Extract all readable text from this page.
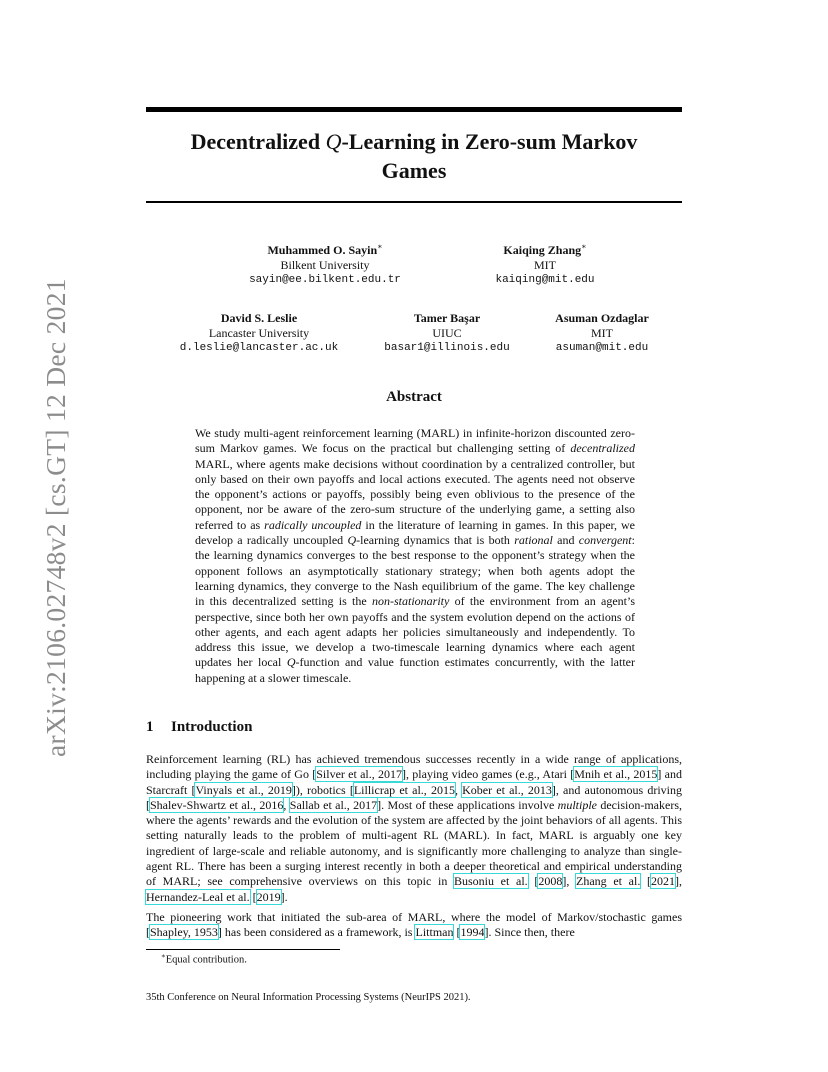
arXiv:2106.02748v2 [cs.GT] 12 Dec 2021
Decentralized Q-Learning in Zero-sum Markov
Games
Muhammed O. Sayin∗
Bilkent University
sayin@ee.bilkent.edu.tr
Kaiqing Zhang∗
MIT
kaiqing@mit.edu
David S. Leslie
Lancaster University
d.leslie@lancaster.ac.uk
Tamer Başar
UIUC
basar1@illinois.edu
Asuman Ozdaglar
MIT
asuman@mit.edu
Abstract
We study multi-agent reinforcement learning (MARL) in infinite-horizon discounted zero-sum Markov games. We focus on the practical but challenging setting of decentralized MARL, where agents make decisions without coordination by a centralized controller, but only based on their own payoffs and local actions executed. The agents need not observe the opponent’s actions or payoffs, possibly being even oblivious to the presence of the opponent, nor be aware of the zero-sum structure of the underlying game, a setting also referred to as radically uncoupled in the literature of learning in games. In this paper, we develop a radically uncoupled Q-learning dynamics that is both rational and convergent: the learning dynamics converges to the best response to the opponent’s strategy when the opponent follows an asymptotically stationary strategy; when both agents adopt the learning dynamics, they converge to the Nash equilibrium of the game. The key challenge in this decentralized setting is the non-stationarity of the environment from an agent’s perspective, since both her own payoffs and the system evolution depend on the actions of other agents, and each agent adapts her policies simultaneously and independently. To address this issue, we develop a two-timescale learning dynamics where each agent updates her local Q-function and value function estimates concurrently, with the latter happening at a slower timescale.
1 Introduction
Reinforcement learning (RL) has achieved tremendous successes recently in a wide range of applications, including playing the game of Go [Silver et al., 2017], playing video games (e.g., Atari [Mnih et al., 2015] and Starcraft [Vinyals et al., 2019]), robotics [Lillicrap et al., 2015, Kober et al., 2013], and autonomous driving [Shalev-Shwartz et al., 2016, Sallab et al., 2017]. Most of these applications involve multiple decision-makers, where the agents’ rewards and the evolution of the system are affected by the joint behaviors of all agents. This setting naturally leads to the problem of multi-agent RL (MARL). In fact, MARL is arguably one key ingredient of large-scale and reliable autonomy, and is significantly more challenging to analyze than single-agent RL. There has been a surging interest recently in both a deeper theoretical and empirical understanding of MARL; see comprehensive overviews on this topic in Busoniu et al. [2008], Zhang et al. [2021], Hernandez-Leal et al. [2019].
The pioneering work that initiated the sub-area of MARL, where the model of Markov/stochastic games [Shapley, 1953] has been considered as a framework, is Littman [1994]. Since then, there
∗Equal contribution.
35th Conference on Neural Information Processing Systems (NeurIPS 2021).
